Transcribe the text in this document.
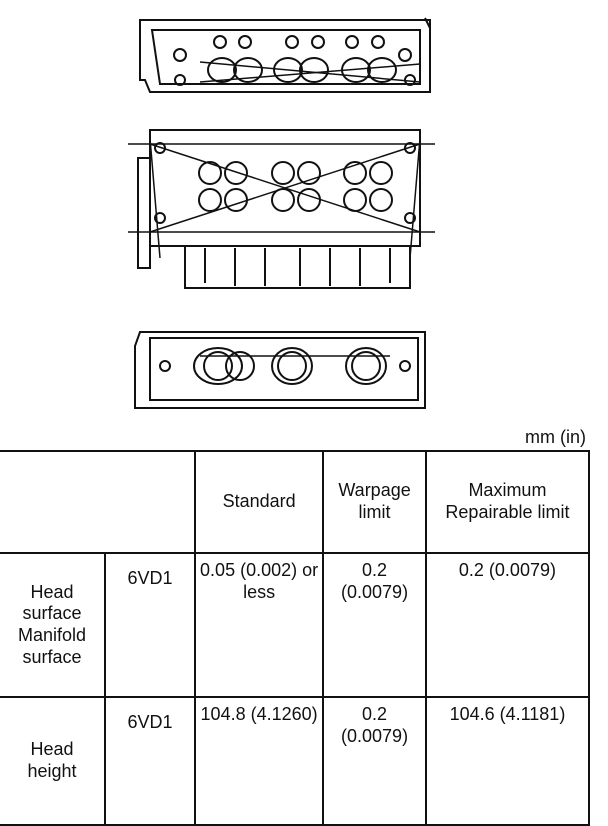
mm (in)
		Standard	Warpage limit	Maximum Repairable limit
Head surface Manifold surface	6VD1	0.05 (0.002) or less	0.2 (0.0079)	0.2 (0.0079)
Head height	6VD1	104.8 (4.1260)	0.2 (0.0079)	104.6 (4.1181)
